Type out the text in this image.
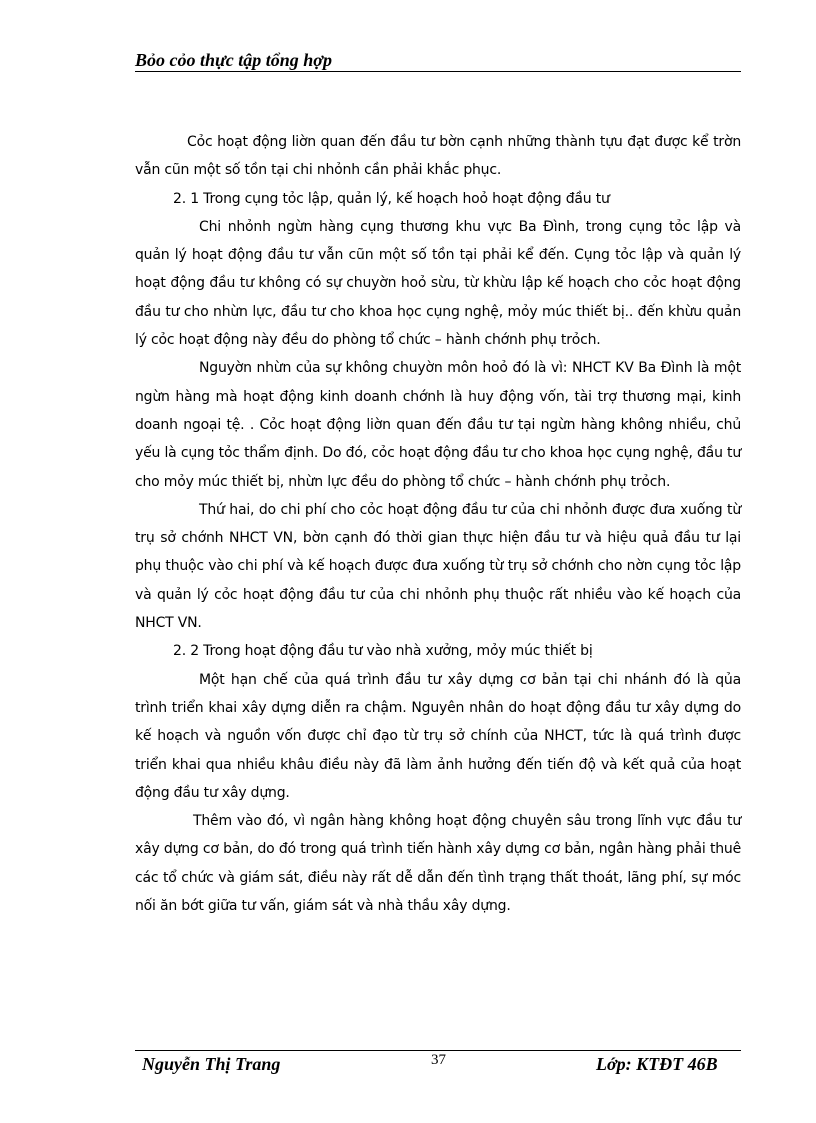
Bỏo cỏo thực tập tổng hợp

Cỏc hoạt động liờn quan đến đầu tư bờn cạnh những thành tựu đạt được kể trờn vẫn cũn một số tồn tại chi nhỏnh cần phải khắc phục.

2. 1 Trong cụng tỏc lập, quản lý, kế hoạch hoỏ hoạt động đầu tư

Chi nhỏnh ngừn hàng cụng thương khu vực Ba Đình, trong cụng tỏc lập và quản lý hoạt động đầu tư vẫn cũn một số tồn tại phải kể đến. Cụng tỏc lập và quản lý hoạt động đầu tư không có sự chuyờn hoỏ sừu, từ khừu lập kế hoạch cho cỏc hoạt động đầu tư cho nhừn lực, đầu tư cho khoa học cụng nghệ, mỏy múc thiết bị.. đến khừu quản lý cỏc hoạt động này đều do phòng tổ chức – hành chớnh phụ trỏch.

Nguyờn nhừn của sự không chuyờn môn hoỏ đó là vì: NHCT KV Ba Đình là một ngừn hàng mà hoạt động kinh doanh chớnh là huy động vốn, tài trợ thương mại, kinh doanh ngoại tệ. . Cỏc hoạt động liờn quan đến đầu tư tại ngừn hàng không nhiều, chủ yếu là cụng tỏc thẩm định. Do đó, cỏc hoạt động đầu tư cho khoa học cụng nghệ, đầu tư cho mỏy múc thiết bị, nhừn lực đều do phòng tổ chức – hành chớnh phụ trỏch.

Thứ hai, do chi phí cho cỏc hoạt động đầu tư của chi nhỏnh được đưa xuống từ trụ sở chớnh NHCT VN, bờn cạnh đó thời gian thực hiện đầu tư và hiệu quả đầu tư lại phụ thuộc vào chi phí và kế hoạch được đưa xuống từ trụ sở chớnh cho nờn cụng tỏc lập và quản lý cỏc hoạt động đầu tư của chi nhỏnh phụ thuộc rất nhiều vào kế hoạch của NHCT VN.

2. 2 Trong hoạt động đầu tư vào nhà xưởng, mỏy múc thiết bị

Một hạn chế của quá trình đầu tư xây dựng cơ bản tại chi nhánh đó là qủa trình triển khai xây dựng diễn ra chậm. Nguyên nhân do hoạt động đầu tư xây dựng do kế hoạch và nguồn vốn được chỉ đạo từ trụ sở chính của NHCT, tức là quá trình được triển khai qua nhiều khâu điều này đã làm ảnh hưởng đến tiến độ và kết quả của hoạt động đầu tư xây dựng.

Thêm vào đó, vì ngân hàng không hoạt động chuyên sâu trong lĩnh vực đầu tư xây dựng cơ bản, do đó trong quá trình tiến hành xây dựng cơ bản, ngân hàng phải thuê các tổ chức và giám sát, điều này rất dễ dẫn đến tình trạng thất thoát, lãng phí, sự móc nối ăn bớt giữa tư vấn, giám sát và nhà thầu xây dựng.

Nguyễn Thị Trang	37	Lớp: KTĐT 46B
